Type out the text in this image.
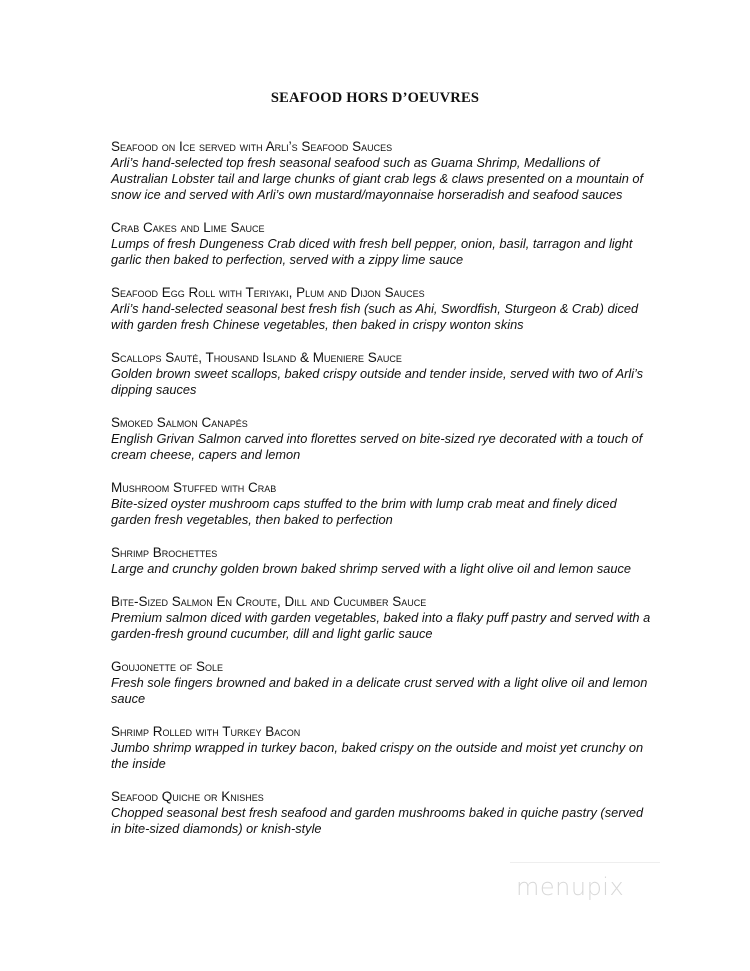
SEAFOOD HORS D’OEUVRES
Seafood on Ice served with Arli’s Seafood Sauces
Arli’s hand-selected top fresh seasonal seafood such as Guama Shrimp, Medallions of Australian Lobster tail and large chunks of giant crab legs & claws presented on a mountain of snow ice and served with Arli’s own mustard/mayonnaise horseradish and seafood sauces
Crab Cakes and Lime Sauce
Lumps of fresh Dungeness Crab diced with fresh bell pepper, onion, basil, tarragon and light garlic then baked to perfection, served with a zippy lime sauce
Seafood Egg Roll with Teriyaki, Plum and Dijon Sauces
Arli’s hand-selected seasonal best fresh fish (such as Ahi, Swordfish, Sturgeon & Crab) diced with garden fresh Chinese vegetables, then baked in crispy wonton skins
Scallops Sauté, Thousand Island & Mueniere Sauce
Golden brown sweet scallops, baked crispy outside and tender inside, served with two of Arli’s dipping sauces
Smoked Salmon Canapés
English Grivan Salmon carved into florettes served on bite-sized rye decorated with a touch of cream cheese, capers and lemon
Mushroom Stuffed with Crab
Bite-sized oyster mushroom caps stuffed to the brim with lump crab meat and finely diced garden fresh vegetables, then baked to perfection
Shrimp Brochettes
Large and crunchy golden brown baked shrimp served with a light olive oil and lemon sauce
Bite-Sized Salmon En Croute, Dill and Cucumber Sauce
Premium salmon diced with garden vegetables, baked into a flaky puff pastry and served with a garden-fresh ground cucumber, dill and light garlic sauce
Goujonette of Sole
Fresh sole fingers browned and baked in a delicate crust served with a light olive oil and lemon sauce
Shrimp Rolled with Turkey Bacon
Jumbo shrimp wrapped in turkey bacon, baked crispy on the outside and moist yet crunchy on the inside
Seafood Quiche or Knishes
Chopped seasonal best fresh seafood and garden mushrooms baked in quiche pastry (served in bite-sized diamonds) or knish-style
menupix
